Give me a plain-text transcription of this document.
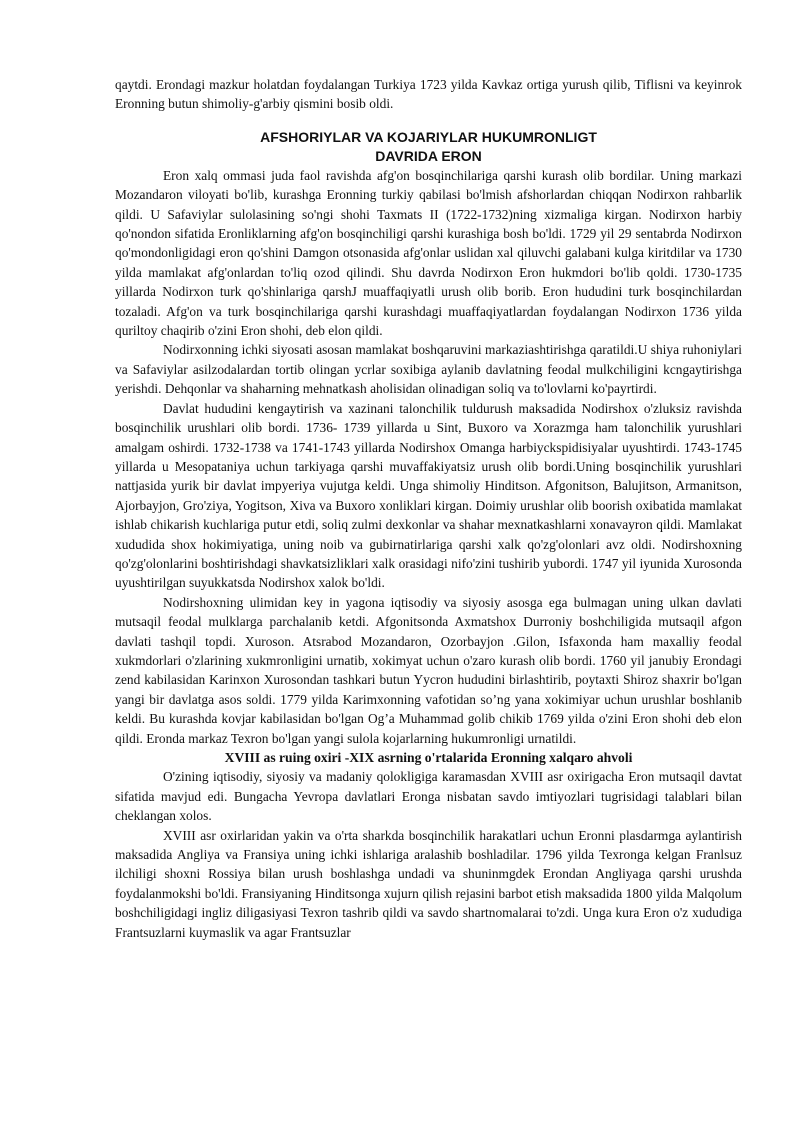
qaytdi. Erondagi mazkur holatdan foydalangan Turkiya 1723 yilda Kavkaz ortiga yurush qilib, Tiflisni va keyinrok Eronning butun shimoliy-g'arbiy qismini bosib oldi.

AFSHORIYLAR VA KOJARIYLAR HUKUMRONLIGT
DAVRIDA ERON

Eron xalq ommasi juda faol ravishda afg'on bosqinchilariga qarshi kurash olib bordilar. Uning markazi Mozandaron viloyati bo'lib, kurashga Eronning turkiy qabilasi bo'lmish afshorlardan chiqqan Nodirxon rahbarlik qildi. U Safaviylar sulolasining so'ngi shohi Taxmats II (1722-1732)ning xizmaliga kirgan. Nodirxon harbiy qo'nondon sifatida Eronliklarning afg'on bosqinchiligi qarshi kurashiga bosh bo'ldi. 1729 yil 29 sentabrda Nodirxon qo'mondonligidagi eron qo'shini Damgon otsonasida afg'onlar uslidan xal qiluvchi galabani kulga kiritdilar va 1730 yilda mamlakat afg'onlardan to'liq ozod qilindi. Shu davrda Nodirxon Eron hukmdori bo'lib qoldi. 1730-1735 yillarda Nodirxon turk qo'shinlariga qarshJ muaffaqiyatli urush olib borib. Eron hududini turk bosqinchilardan tozaladi. Afg'on va turk bosqinchilariga qarshi kurashdagi muaffaqiyatlardan foydalangan Nodirxon 1736 yilda quriltoy chaqirib o'zini Eron shohi, deb elon qildi.

Nodirxonning ichki siyosati asosan mamlakat boshqaruvini markaziashtirishga qaratildi.U shiya ruhoniylari va Safaviylar asilzodalardan tortib olingan ycrlar soxibiga aylanib davlatning feodal mulkchiligini kcngaytirishga yerishdi. Dehqonlar va shaharning mehnatkash aholisidan olinadigan soliq va to'lovlarni ko'payrtirdi.

Davlat hududini kengaytirish va xazinani talonchilik tuldurush maksadida Nodirshox o'zluksiz ravishda bosqinchilik urushlari olib bordi. 1736- 1739 yillarda u Sint, Buxoro va Xorazmga ham talonchilik yurushlari amalgam oshirdi. 1732-1738 va 1741-1743 yillarda Nodirshox Omanga harbiyckspidisiyalar uyushtirdi. 1743-1745 yillarda u Mesopataniya uchun tarkiyaga qarshi muvaffakiyatsiz urush olib bordi.Uning bosqinchilik yurushlari nattjasida yurik bir davlat impyeriya vujutga keldi. Unga shimoliy Hinditson. Afgonitson, Balujitson, Armanitson, Ajorbayjon, Gro'ziya, Yogitson, Xiva va Buxoro xonliklari kirgan. Doimiy urushlar olib boorish oxibatida mamlakat ishlab chikarish kuchlariga putur etdi, soliq zulmi dexkonlar va shahar mexnatkashlarni xonavayron qildi. Mamlakat xududida shox hokimiyatiga, uning noib va gubirnatirlariga qarshi xalk qo'zg'olonlari avz oldi. Nodirshoxning qo'zg'olonlarini boshtirishdagi shavkatsizliklari xalk orasidagi nifo'zini tushirib yubordi. 1747 yil iyunida Xurosonda uyushtirilgan suyukkatsda Nodirshox xalok bo'ldi.

Nodirshoxning ulimidan key in yagona iqtisodiy va siyosiy asosga ega bulmagan uning ulkan davlati mutsaqil feodal mulklarga parchalanib ketdi. Afgonitsonda Axmatshox Durroniy boshchiligida mutsaqil afgon davlati tashqil topdi. Xuroson. Atsrabod Mozandaron, Ozorbayjon .Gilon, Isfaxonda ham maxalliy feodal xukmdorlari o'zlarining xukmronligini urnatib, xokimyat uchun o'zaro kurash olib bordi. 1760 yil janubiy Erondagi zend kabilasidan Karinxon Xurosondan tashkari butun Yycron hududini birlashtirib, poytaxti Shiroz shaxrir bo'lgan yangi bir davlatga asos soldi. 1779 yilda Karimxonning vafotidan so’ng yana xokimiyar uchun urushlar boshlanib keldi. Bu kurashda kovjar kabilasidan bo'lgan Og’a Muhammad golib chikib 1769 yilda o'zini Eron shohi deb elon qildi. Eronda markaz Texron bo'lgan yangi sulola kojarlarning hukumronligi urnatildi.

XVIII as ruing oxiri -XIX asrning o'rtalarida Eronning xalqaro ahvoli

O'zining iqtisodiy, siyosiy va madaniy qolokligiga karamasdan XVIII asr oxirigacha Eron mutsaqil davtat sifatida mavjud edi. Bungacha Yevropa davlatlari Eronga nisbatan savdo imtiyozlari tugrisidagi talablari bilan cheklangan xolos.

XVIII asr oxirlaridan yakin va o'rta sharkda bosqinchilik harakatlari uchun Eronni plasdarmga aylantirish maksadida Angliya va Fransiya uning ichki ishlariga aralashib boshladilar. 1796 yilda Texronga kelgan Franlsuz ilchiligi shoxni Rossiya bilan urush boshlashga undadi va shuninmgdek Erondan Angliyaga qarshi urushda foydalanmokshi bo'ldi. Fransiyaning Hinditsonga xujurn qilish rejasini barbot etish maksadida 1800 yilda Malqolum boshchiligidagi ingliz diligasiyasi Texron tashrib qildi va savdo shartnomalarai to'zdi. Unga kura Eron o'z xududiga Frantsuzlarni kuymaslik va agar Frantsuzlar
